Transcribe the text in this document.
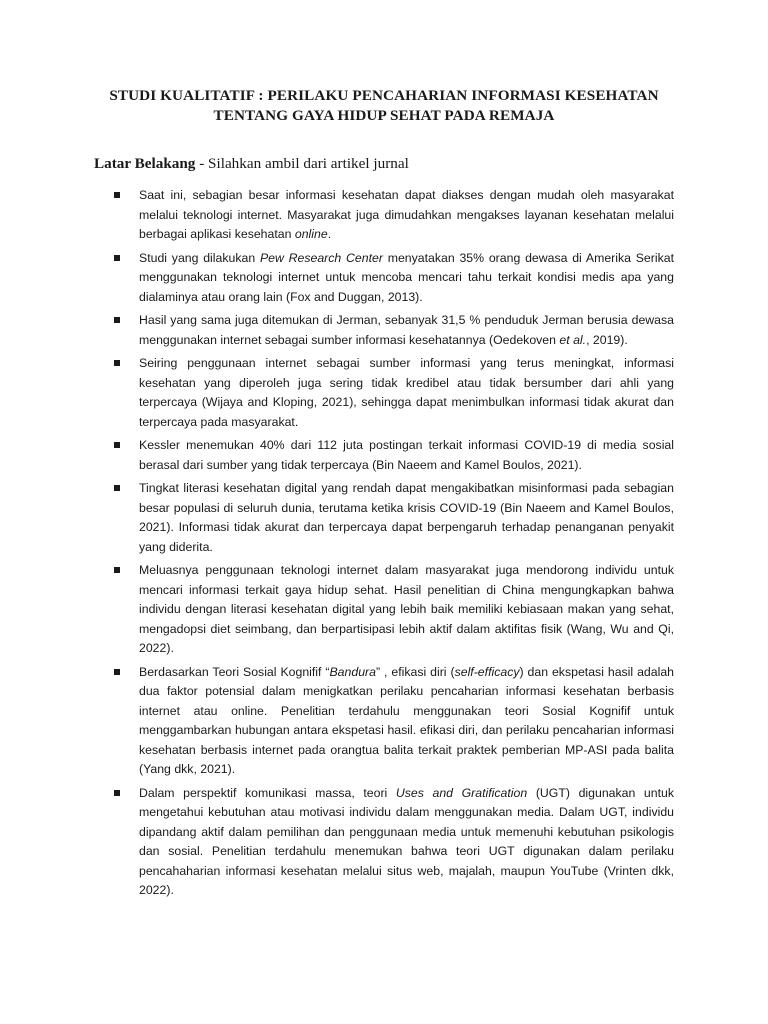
STUDI KUALITATIF : PERILAKU PENCAHARIAN INFORMASI KESEHATAN
TENTANG GAYA HIDUP SEHAT PADA REMAJA
Latar Belakang - Silahkan ambil dari artikel jurnal
Saat ini, sebagian besar informasi kesehatan dapat diakses dengan mudah oleh masyarakat melalui teknologi internet. Masyarakat juga dimudahkan mengakses layanan kesehatan melalui berbagai aplikasi kesehatan online.
Studi yang dilakukan Pew Research Center menyatakan 35% orang dewasa di Amerika Serikat menggunakan teknologi internet untuk mencoba mencari tahu terkait kondisi medis apa yang dialaminya atau orang lain (Fox and Duggan, 2013).
Hasil yang sama juga ditemukan di Jerman, sebanyak 31,5 % penduduk Jerman berusia dewasa menggunakan internet sebagai sumber informasi kesehatannya (Oedekoven et al., 2019).
Seiring penggunaan internet sebagai sumber informasi yang terus meningkat, informasi kesehatan yang diperoleh juga sering tidak kredibel atau tidak bersumber dari ahli yang terpercaya (Wijaya and Kloping, 2021), sehingga dapat menimbulkan informasi tidak akurat dan terpercaya pada masyarakat.
Kessler menemukan 40% dari 112 juta postingan terkait informasi COVID-19 di media sosial berasal dari sumber yang tidak terpercaya (Bin Naeem and Kamel Boulos, 2021).
Tingkat literasi kesehatan digital yang rendah dapat mengakibatkan misinformasi pada sebagian besar populasi di seluruh dunia, terutama ketika krisis COVID-19 (Bin Naeem and Kamel Boulos, 2021). Informasi tidak akurat dan terpercaya dapat berpengaruh terhadap penanganan penyakit yang diderita.
Meluasnya penggunaan teknologi internet dalam masyarakat juga mendorong individu untuk mencari informasi terkait gaya hidup sehat. Hasil penelitian di China mengungkapkan bahwa individu dengan literasi kesehatan digital yang lebih baik memiliki kebiasaan makan yang sehat, mengadopsi diet seimbang, dan berpartisipasi lebih aktif dalam aktifitas fisik (Wang, Wu and Qi, 2022).
Berdasarkan Teori Sosial Kognifif “Bandura” , efikasi diri (self-efficacy) dan ekspetasi hasil adalah dua faktor potensial dalam menigkatkan perilaku pencaharian informasi kesehatan berbasis internet atau online. Penelitian terdahulu menggunakan teori Sosial Kognifif untuk menggambarkan hubungan antara ekspetasi hasil. efikasi diri, dan perilaku pencaharian informasi kesehatan berbasis internet pada orangtua balita terkait praktek pemberian MP-ASI pada balita (Yang dkk, 2021).
Dalam perspektif komunikasi massa, teori Uses and Gratification (UGT) digunakan untuk mengetahui kebutuhan atau motivasi individu dalam menggunakan media. Dalam UGT, individu dipandang aktif dalam pemilihan dan penggunaan media untuk memenuhi kebutuhan psikologis dan sosial. Penelitian terdahulu menemukan bahwa teori UGT digunakan dalam perilaku pencahaharian informasi kesehatan melalui situs web, majalah, maupun YouTube (Vrinten dkk, 2022).
